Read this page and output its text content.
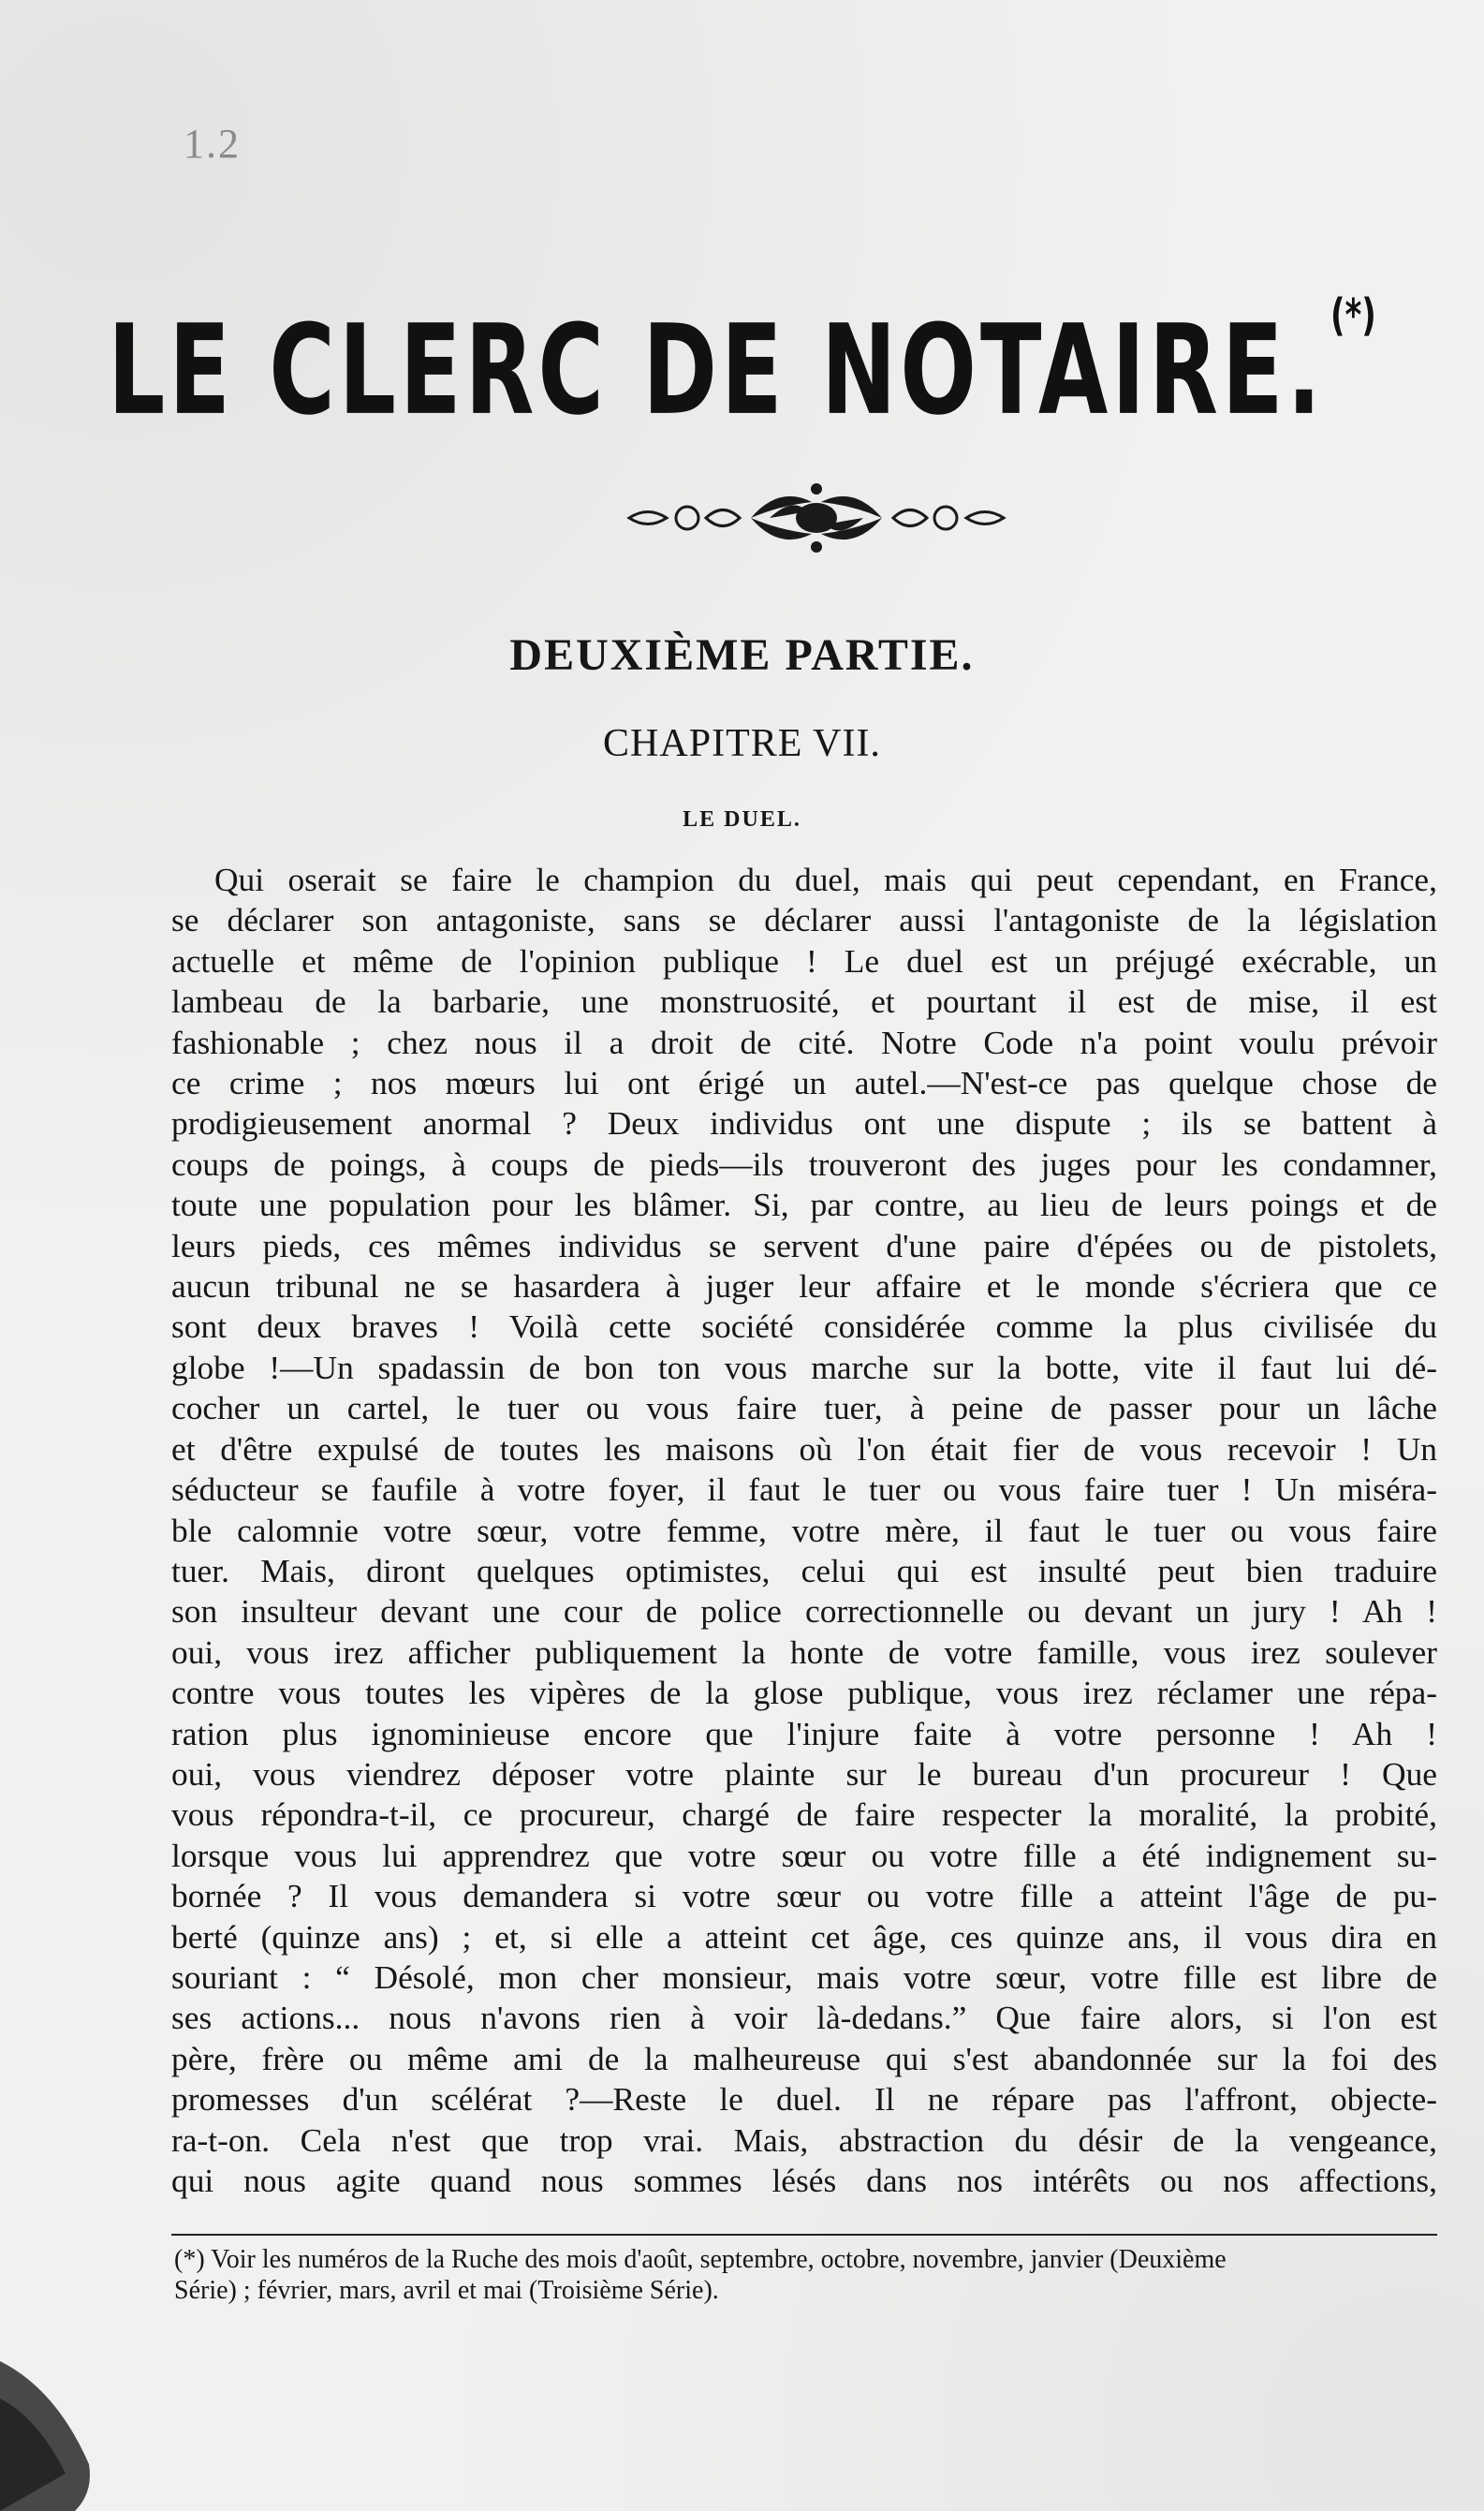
1.2
LE CLERC DE NOTAIRE. (*)
DEUXIÈME PARTIE.
CHAPITRE VII.
LE DUEL.
Qui oserait se faire le champion du duel, mais qui peut cependant, en France,
se déclarer son antagoniste, sans se déclarer aussi l'antagoniste de la législation
actuelle et même de l'opinion publique ! Le duel est un préjugé exécrable, un
lambeau de la barbarie, une monstruosité, et pourtant il est de mise, il est
fashionable ; chez nous il a droit de cité. Notre Code n'a point voulu prévoir
ce crime ; nos mœurs lui ont érigé un autel.—N'est-ce pas quelque chose de
prodigieusement anormal ? Deux individus ont une dispute ; ils se battent à
coups de poings, à coups de pieds—ils trouveront des juges pour les condamner,
toute une population pour les blâmer. Si, par contre, au lieu de leurs poings et de
leurs pieds, ces mêmes individus se servent d'une paire d'épées ou de pistolets,
aucun tribunal ne se hasardera à juger leur affaire et le monde s'écriera que ce
sont deux braves ! Voilà cette société considérée comme la plus civilisée du
globe !—Un spadassin de bon ton vous marche sur la botte, vite il faut lui dé-
cocher un cartel, le tuer ou vous faire tuer, à peine de passer pour un lâche
et d'être expulsé de toutes les maisons où l'on était fier de vous recevoir ! Un
séducteur se faufile à votre foyer, il faut le tuer ou vous faire tuer ! Un miséra-
ble calomnie votre sœur, votre femme, votre mère, il faut le tuer ou vous faire
tuer. Mais, diront quelques optimistes, celui qui est insulté peut bien traduire
son insulteur devant une cour de police correctionnelle ou devant un jury ! Ah !
oui, vous irez afficher publiquement la honte de votre famille, vous irez soulever
contre vous toutes les vipères de la glose publique, vous irez réclamer une répa-
ration plus ignominieuse encore que l'injure faite à votre personne ! Ah !
oui, vous viendrez déposer votre plainte sur le bureau d'un procureur ! Que
vous répondra-t-il, ce procureur, chargé de faire respecter la moralité, la probité,
lorsque vous lui apprendrez que votre sœur ou votre fille a été indignement su-
bornée ? Il vous demandera si votre sœur ou votre fille a atteint l'âge de pu-
berté (quinze ans) ; et, si elle a atteint cet âge, ces quinze ans, il vous dira en
souriant : “ Désolé, mon cher monsieur, mais votre sœur, votre fille est libre de
ses actions... nous n'avons rien à voir là-dedans.” Que faire alors, si l'on est
père, frère ou même ami de la malheureuse qui s'est abandonnée sur la foi des
promesses d'un scélérat ?—Reste le duel. Il ne répare pas l'affront, objecte-
ra-t-on. Cela n'est que trop vrai. Mais, abstraction du désir de la vengeance,
qui nous agite quand nous sommes lésés dans nos intérêts ou nos affections,
(*) Voir les numéros de la Ruche des mois d'août, septembre, octobre, novembre, janvier (Deuxième
Série) ; février, mars, avril et mai (Troisième Série).
